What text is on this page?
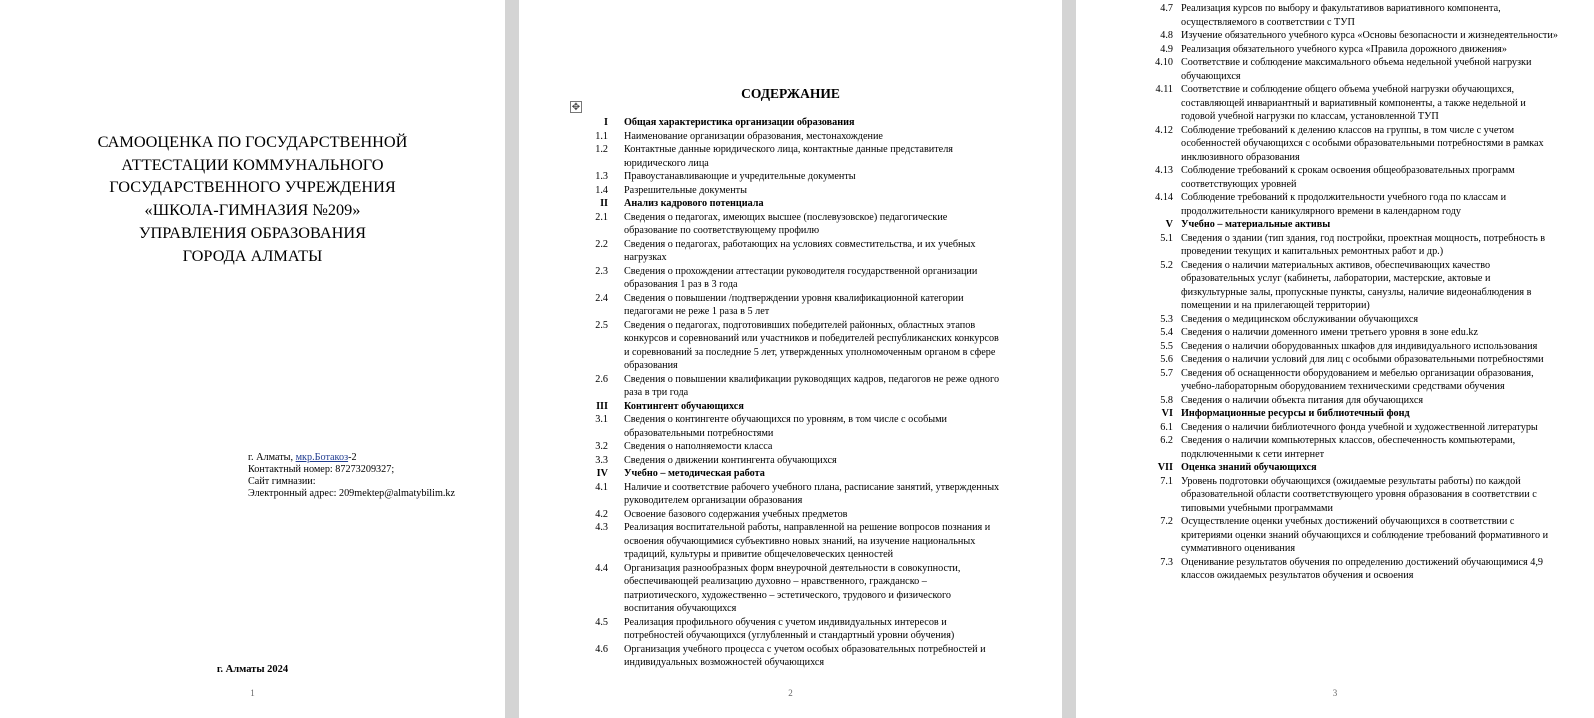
САМООЦЕНКА ПО ГОСУДАРСТВЕННОЙ
АТТЕСТАЦИИ КОММУНАЛЬНОГО
ГОСУДАРСТВЕННОГО УЧРЕЖДЕНИЯ
«ШКОЛА-ГИМНАЗИЯ №209»
УПРАВЛЕНИЯ ОБРАЗОВАНИЯ
ГОРОДА АЛМАТЫ
г. Алматы, мкр.Ботакоз-2
Контактный номер: 87273209327;
Сайт гимназии:
Электронный адрес: 209mektep@almatybilim.kz
г. Алматы 2024
1
✥
СОДЕРЖАНИЕ
I	Общая характеристика организации образования
1.1	Наименование организации образования, местонахождение
1.2	Контактные данные юридического лица, контактные данные представителя юридического лица
1.3	Правоустанавливающие и учредительные документы
1.4	Разрешительные документы
II	Анализ кадрового потенциала
2.1	Сведения о педагогах, имеющих высшее (послевузовское) педагогические образование по соответствующему профилю
2.2	Сведения о педагогах, работающих на условиях совместительства, и их учебных нагрузках
2.3	Сведения о прохождении аттестации руководителя государственной организации образования 1 раз в 3 года
2.4	Сведения о повышении /подтверждении уровня квалификационной категории педагогами не реже 1 раза в 5 лет
2.5	Сведения о педагогах, подготовивших победителей районных, областных этапов конкурсов и соревнований или участников и победителей республиканских конкурсов и соревнований за последние 5 лет, утвержденных уполномоченным органом в сфере образования
2.6	Сведения о повышении квалификации руководящих кадров, педагогов не реже одного раза в три года
III	Контингент обучающихся
3.1	Сведения о контингенте обучающихся по уровням, в том числе с особыми образовательными потребностями
3.2	Сведения о наполняемости класса
3.3	Сведения о движении контингента обучающихся
IV	Учебно – методическая работа
4.1	Наличие и соответствие рабочего учебного плана, расписание занятий, утвержденных руководителем организации образования
4.2	Освоение базового содержания учебных предметов
4.3	Реализация воспитательной работы, направленной на решение вопросов познания и освоения обучающимися субъективно новых знаний, на изучение национальных традиций, культуры и привитие общечеловеческих ценностей
4.4	Организация разнообразных форм внеурочной деятельности в совокупности, обеспечивающей реализацию духовно – нравственного, гражданско – патриотического, художественно – эстетического, трудового и физического воспитания обучающихся
4.5	Реализация профильного обучения с учетом индивидуальных интересов и потребностей обучающихся (углубленный и стандартный уровни обучения)
4.6	Организация учебного процесса с учетом особых образовательных потребностей и индивидуальных возможностей обучающихся
2
4.7 Реализация курсов по выбору и факультативов вариативного компонента, осуществляемого в соответствии с ТУП
4.8 Изучение обязательного учебного курса «Основы безопасности и жизнедеятельности»
4.9 Реализация обязательного учебного курса «Правила дорожного движения»
4.10 Соответствие и соблюдение максимального объема недельной учебной нагрузки обучающихся
4.11 Соответствие и соблюдение общего объема учебной нагрузки обучающихся, составляющей инвариантный и вариативный компоненты, а также недельной и годовой учебной нагрузки по классам, установленной ТУП
4.12 Соблюдение требований к делению классов на группы, в том числе с учетом особенностей обучающихся с особыми образовательными потребностями в рамках инклюзивного образования
4.13 Соблюдение требований к срокам освоения общеобразовательных программ соответствующих уровней
4.14 Соблюдение требований к продолжительности учебного года по классам и продолжительности каникулярного времени в календарном году
V Учебно – материальные активы
5.1 Сведения о здании (тип здания, год постройки, проектная мощность, потребность в проведении текущих и капитальных ремонтных работ и др.)
5.2 Сведения о наличии материальных активов, обеспечивающих качество образовательных услуг (кабинеты, лаборатории, мастерские, актовые и физкультурные залы, пропускные пункты, санузлы, наличие видеонаблюдения в помещении и на прилегающей территории)
5.3 Сведения о медицинском обслуживании обучающихся
5.4 Сведения о наличии доменного имени третьего уровня в зоне edu.kz
5.5 Сведения о наличии оборудованных шкафов для индивидуального использования
5.6 Сведения о наличии условий для лиц с особыми образовательными потребностями
5.7 Сведения об оснащенности оборудованием и мебелью организации образования, учебно-лабораторным оборудованием техническими средствами обучения
5.8 Сведения о наличии объекта питания для обучающихся
VI Информационные ресурсы и библиотечный фонд
6.1 Сведения о наличии библиотечного фонда учебной и художественной литературы
6.2 Сведения о наличии компьютерных классов, обеспеченность компьютерами, подключенными к сети интернет
VII Оценка знаний обучающихся
7.1 Уровень подготовки обучающихся (ожидаемые результаты работы) по каждой образовательной области соответствующего уровня образования в соответствии с типовыми учебными программами
7.2 Осуществление оценки учебных достижений обучающихся в соответствии с критериями оценки знаний обучающихся и соблюдение требований формативного и суммативного оценивания
7.3 Оценивание результатов обучения по определению достижений обучающимися 4,9 классов ожидаемых результатов обучения и освоения
3
